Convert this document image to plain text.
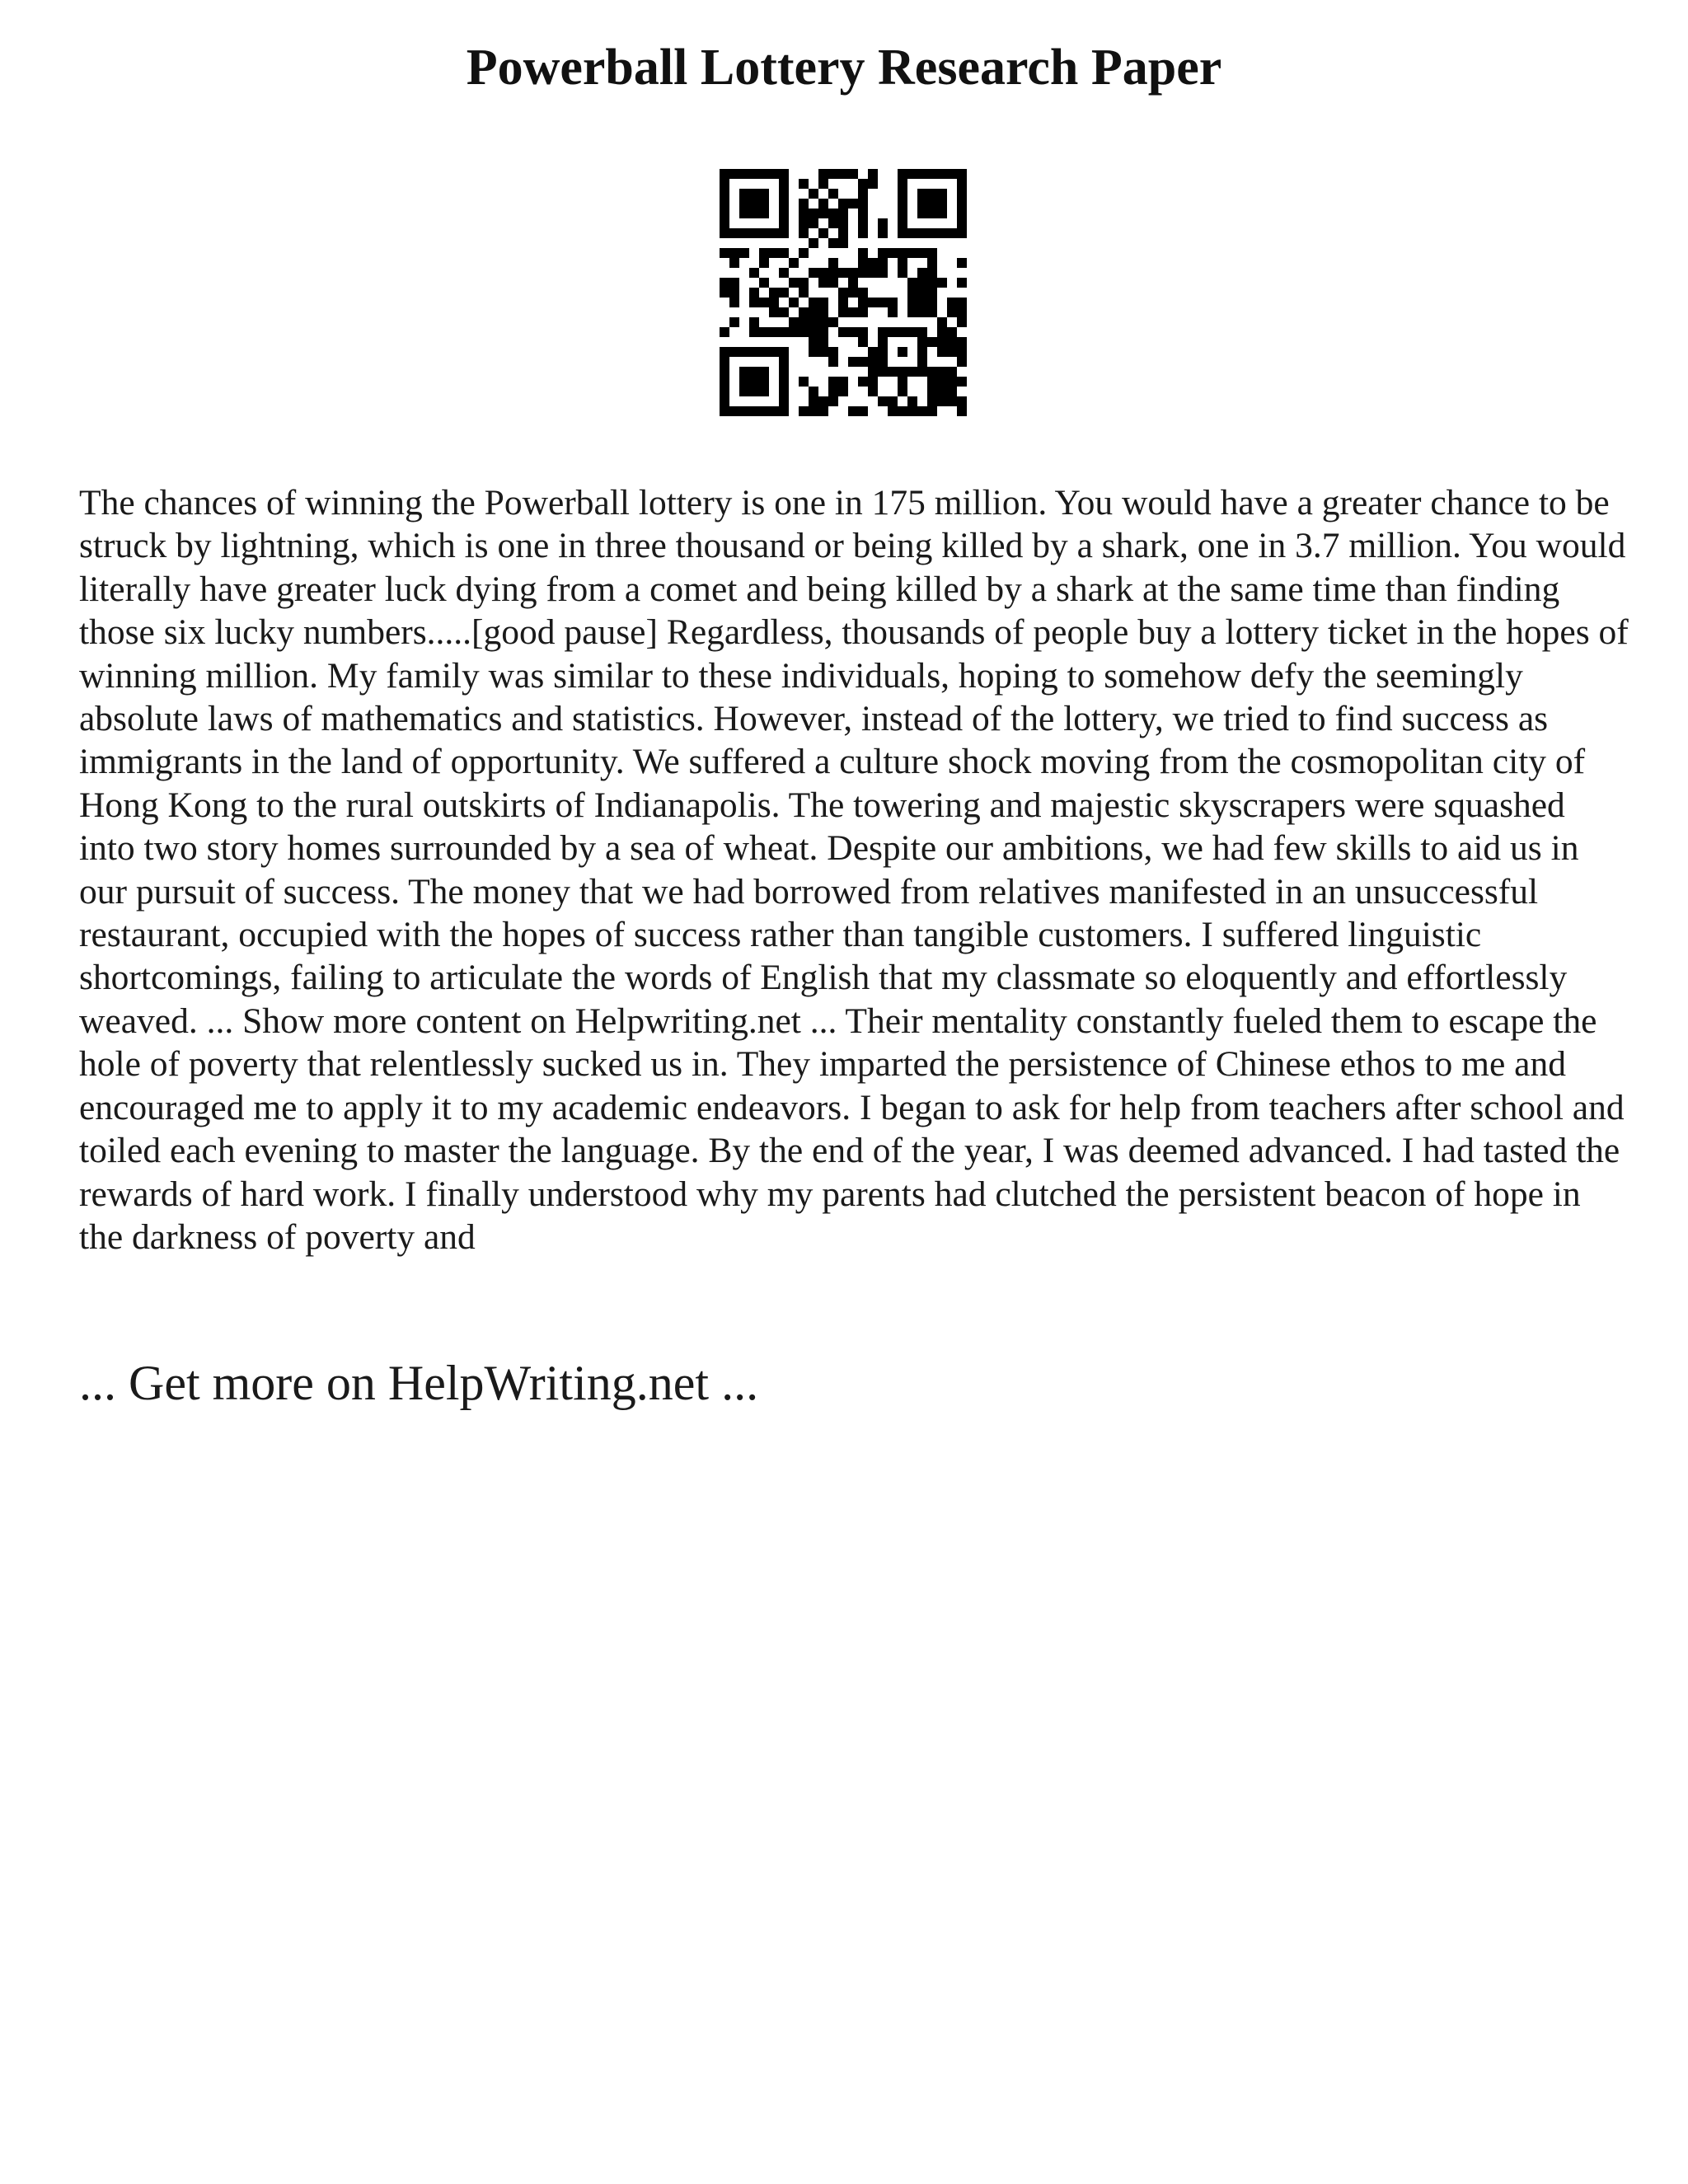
Powerball Lottery Research Paper

The chances of winning the Powerball lottery is one in 175 million. You would have a greater chance to be struck by lightning, which is one in three thousand or being killed by a shark, one in 3.7 million. You would literally have greater luck dying from a comet and being killed by a shark at the same time than finding those six lucky numbers.....[good pause] Regardless, thousands of people buy a lottery ticket in the hopes of winning million. My family was similar to these individuals, hoping to somehow defy the seemingly absolute laws of mathematics and statistics. However, instead of the lottery, we tried to find success as immigrants in the land of opportunity. We suffered a culture shock moving from the cosmopolitan city of Hong Kong to the rural outskirts of Indianapolis. The towering and majestic skyscrapers were squashed into two story homes surrounded by a sea of wheat. Despite our ambitions, we had few skills to aid us in our pursuit of success. The money that we had borrowed from relatives manifested in an unsuccessful restaurant, occupied with the hopes of success rather than tangible customers. I suffered linguistic shortcomings, failing to articulate the words of English that my classmate so eloquently and effortlessly weaved. ... Show more content on Helpwriting.net ... Their mentality constantly fueled them to escape the hole of poverty that relentlessly sucked us in. They imparted the persistence of Chinese ethos to me and encouraged me to apply it to my academic endeavors. I began to ask for help from teachers after school and toiled each evening to master the language. By the end of the year, I was deemed advanced. I had tasted the rewards of hard work. I finally understood why my parents had clutched the persistent beacon of hope in the darkness of poverty and

... Get more on HelpWriting.net ...
